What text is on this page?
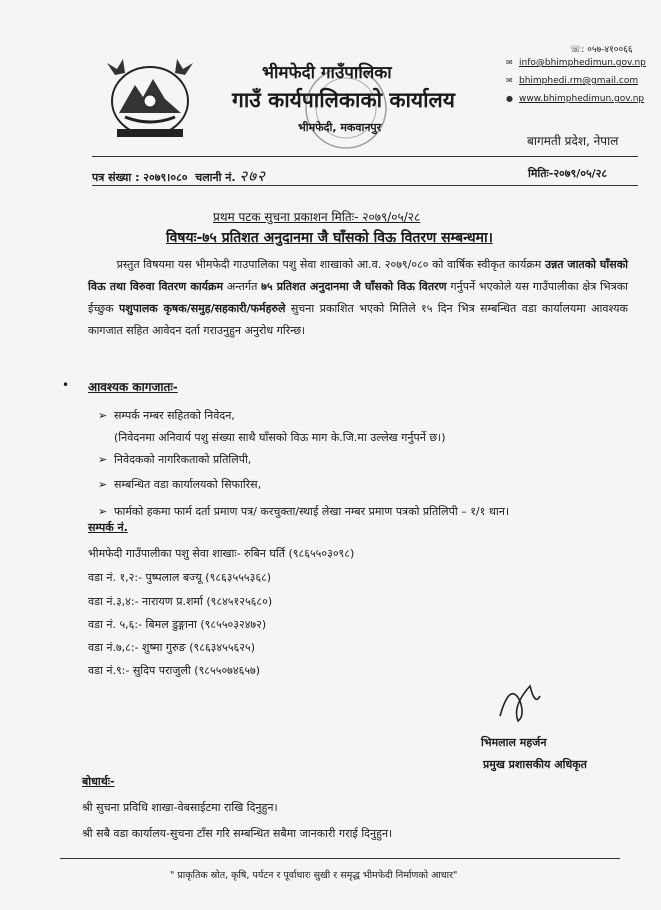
भीमफेदी गाउँपालिका
गाउँ कार्यपालिकाको कार्यालय
भीमफेदी, मकवानपुर
☏: ०५७-४१००६६
✉ info@bhimphedimun.gov.np
✉ bhimphedi.rm@gmail.com
● www.bhimphedimun.gov.np
बागमती प्रदेश, नेपाल
पत्र संख्या : २०७९।०८० चलानी नं. २७२	मितिः-२०७९/०५/२८
प्रथम पटक सुचना प्रकाशन मितिः- २०७९/०५/२८
विषयः-७५ प्रतिशत अनुदानमा जै घाँसको विऊ वितरण सम्बन्धमा।
प्रस्तुत विषयमा यस भीमफेदी गाउपालिका पशु सेवा शाखाको आ.व. २०७९/०८० को वार्षिक स्वीकृत कार्यक्रम उन्नत जातको घाँसको विऊ तथा विरुवा वितरण कार्यक्रम अन्तर्गत ७५ प्रतिशत अनुदानमा जै घाँसको विऊ वितरण गर्नुपर्ने भएकोले यस गाउँपालीका क्षेत्र भित्रका ईच्छुक पशुपालक कृषक/समुह/सहकारी/फर्महरुले सुचना प्रकाशित भएको मितिले १५ दिन भित्र सम्बन्धित वडा कार्यालयमा आवश्यक कागजात सहित आवेदन दर्ता गराउनुहुन अनुरोध गरिन्छ।
• आवश्यक कागजातः-
➢ सम्पर्क नम्बर सहितको निवेदन,
(निवेदनमा अनिवार्य पशु संख्या साथै घाँसको विऊ माग के.जि.मा उल्लेख गर्नुपर्ने छ।)
➢ निवेदकको नागरिकताको प्रतिलिपी,
➢ सम्बन्धित वडा कार्यालयको सिफारिस,
➢ फार्मको हकमा फार्म दर्ता प्रमाण पत्र/ करचुक्ता/स्थाई लेखा नम्बर प्रमाण पत्रको प्रतिलिपी – १/१ थान।
सम्पर्क नं.
भीमफेदी गाउँपालीका पशु सेवा शाखाः- रुबिन घर्ति (९८६५५०३०९८)
वडा नं. १,२:- पुष्पलाल बज्यू (९८६३५५५३६८)
वडा नं.३,४:- नारायण प्र.शर्मा (९८४५१२५६८०)
वडा नं. ५,६:- बिमल डुङ्गाना (९८५५०३२४७२)
वडा नं.७,८:- शुष्मा गुरुङ (९८६३४५५६२५)
वडा नं.९:- सुदिप पराजुली (९८५५०७४६५७)
भिमलाल महर्जन
प्रमुख प्रशासकीय अधिकृत
बोधार्थः-
श्री सुचना प्रविधि शाखा-वेबसाईटमा राखि दिनुहुन।
श्री सबै वडा कार्यालय-सुचना टाँस गरि सम्बन्धित सबैमा जानकारी गराई दिनुहुन।
" प्राकृतिक स्रोत, कृषि, पर्यटन र पूर्वाधारः सुखी र समृद्ध भीमफेदी निर्माणको आधार"
